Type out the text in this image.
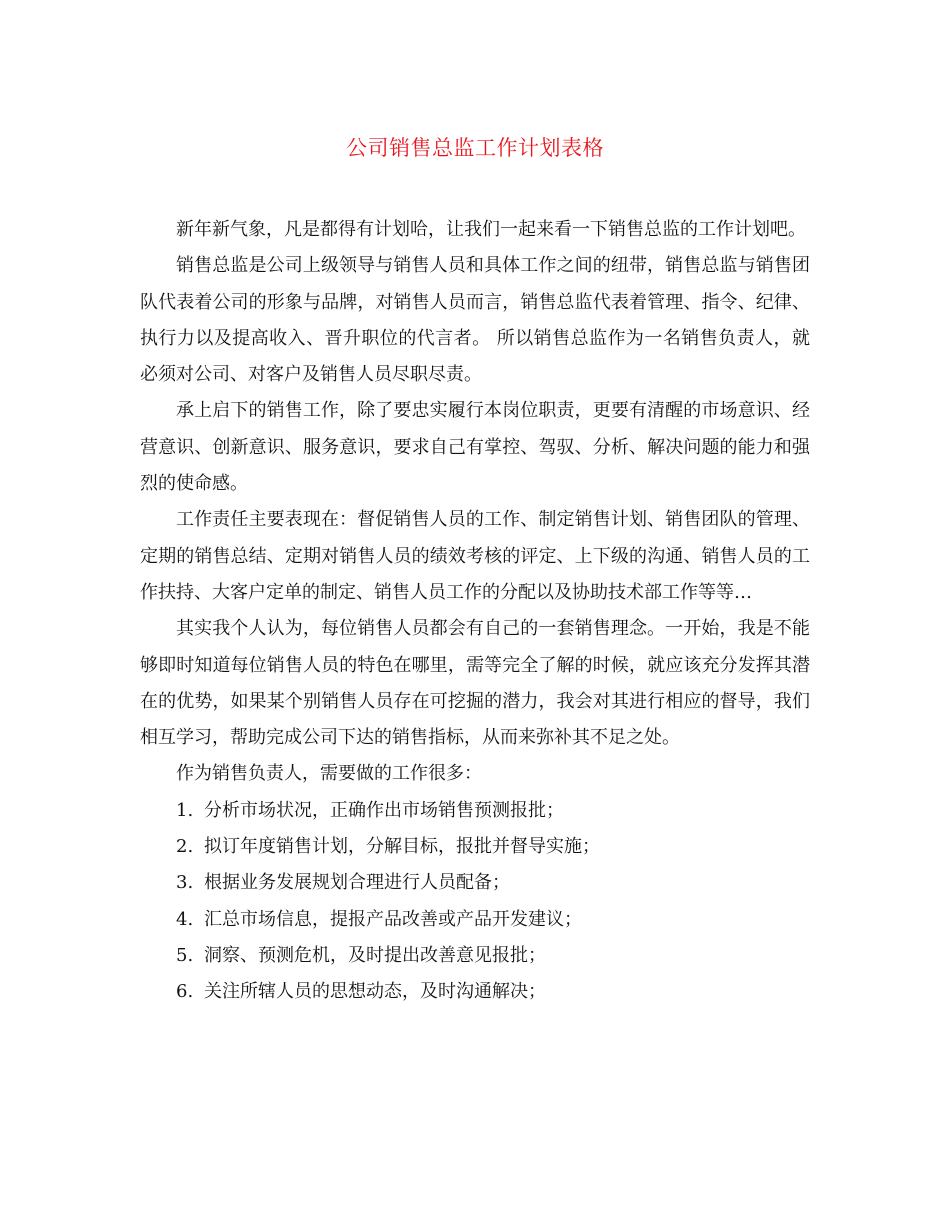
公司销售总监工作计划表格

新年新气象，凡是都得有计划哈，让我们一起来看一下销售总监的工作计划吧。

销售总监是公司上级领导与销售人员和具体工作之间的纽带，销售总监与销售团队代表着公司的形象与品牌，对销售人员而言，销售总监代表着管理、指令、纪律、执行力以及提高收入、晋升职位的代言者。 所以销售总监作为一名销售负责人，就必须对公司、对客户及销售人员尽职尽责。

承上启下的销售工作，除了要忠实履行本岗位职责，更要有清醒的市场意识、经营意识、创新意识、服务意识，要求自己有掌控、驾驭、分析、解决问题的能力和强烈的使命感。

工作责任主要表现在：督促销售人员的工作、制定销售计划、销售团队的管理、定期的销售总结、定期对销售人员的绩效考核的评定、上下级的沟通、销售人员的工作扶持、大客户定单的制定、销售人员工作的分配以及协助技术部工作等等…

其实我个人认为，每位销售人员都会有自己的一套销售理念。一开始，我是不能够即时知道每位销售人员的特色在哪里，需等完全了解的时候，就应该充分发挥其潜在的优势，如果某个别销售人员存在可挖掘的潜力，我会对其进行相应的督导，我们相互学习，帮助完成公司下达的销售指标，从而来弥补其不足之处。

作为销售负责人，需要做的工作很多：

1. 分析市场状况，正确作出市场销售预测报批；
2. 拟订年度销售计划，分解目标，报批并督导实施；
3. 根据业务发展规划合理进行人员配备；
4. 汇总市场信息，提报产品改善或产品开发建议；
5. 洞察、预测危机，及时提出改善意见报批；
6. 关注所辖人员的思想动态，及时沟通解决；
